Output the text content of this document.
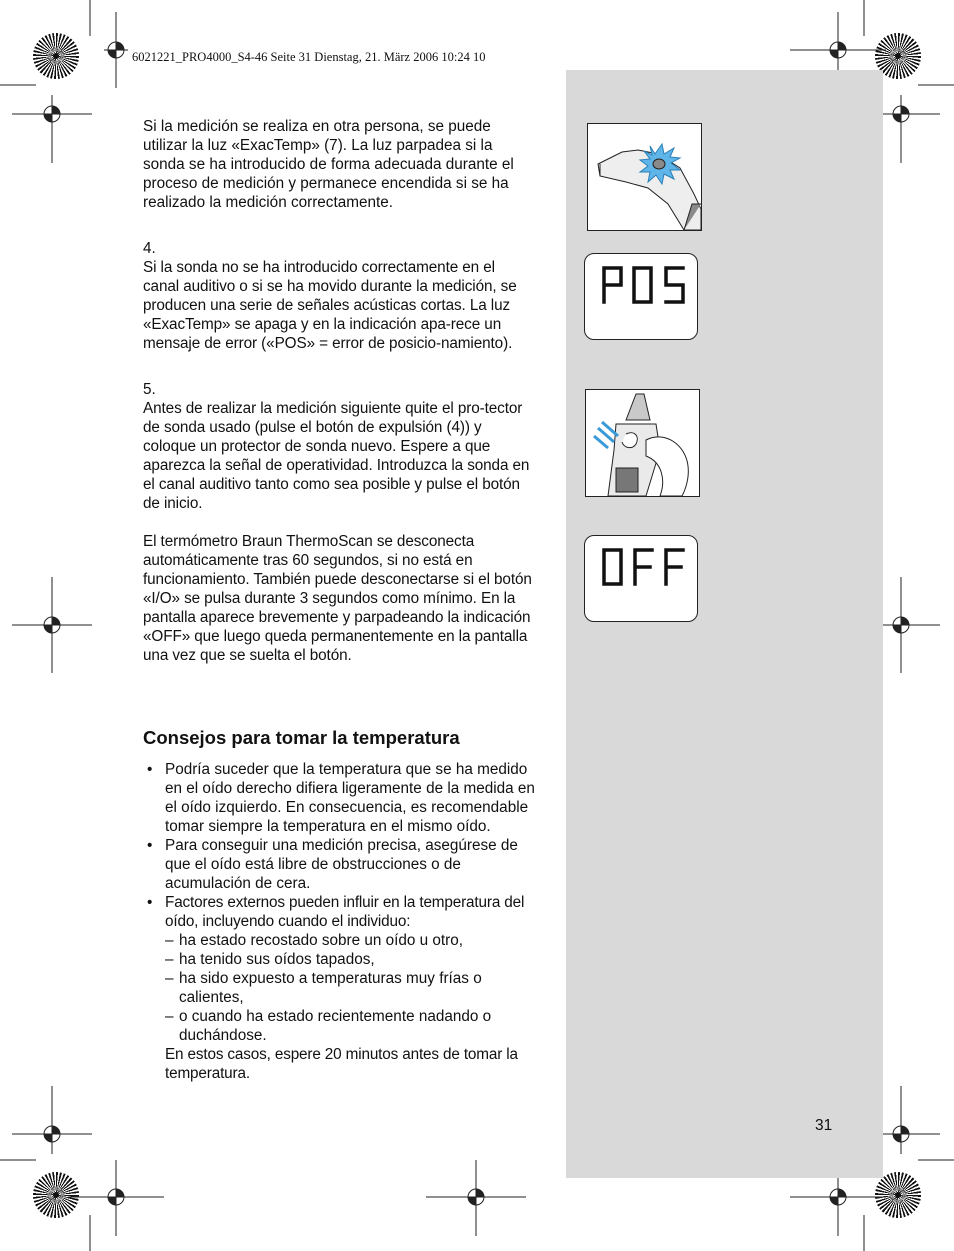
6021221_PRO4000_S4-46 Seite 31 Dienstag, 21. März 2006 10:24 10

Si la medición se realiza en otra persona, se puede utilizar la luz «ExacTemp» (7). La luz parpadea si la sonda se ha introducido de forma adecuada durante el proceso de medición y permanece encendida si se ha realizado la medición correctamente.

4.

Si la sonda no se ha introducido correctamente en el canal auditivo o si se ha movido durante la medición, se producen una serie de señales acústicas cortas. La luz «ExacTemp» se apaga y en la indicación apa-rece un mensaje de error («POS» = error de posicio-namiento).

5.

Antes de realizar la medición siguiente quite el pro-tector de sonda usado (pulse el botón de expulsión (4)) y coloque un protector de sonda nuevo. Espere a que aparezca la señal de operatividad. Introduzca la sonda en el canal auditivo tanto como sea posible y pulse el botón de inicio.

El termómetro Braun ThermoScan se desconecta automáticamente tras 60 segundos, si no está en funcionamiento. También puede desconectarse si el botón «I/O» se pulsa durante 3 segundos como mínimo. En la pantalla aparece brevemente y parpadeando la indicación «OFF» que luego queda permanentemente en la pantalla una vez que se suelta el botón.

Consejos para tomar la temperatura
• Podría suceder que la temperatura que se ha medido en el oído derecho difiera ligeramente de la medida en el oído izquierdo. En consecuencia, es recomendable tomar siempre la temperatura en el mismo oído.
• Para conseguir una medición precisa, asegúrese de que el oído está libre de obstrucciones o de acumulación de cera.
• Factores externos pueden influir en la temperatura del oído, incluyendo cuando el individuo:
– ha estado recostado sobre un oído u otro,
– ha tenido sus oídos tapados,
– ha sido expuesto a temperaturas muy frías o calientes,
– o cuando ha estado recientemente nadando o duchándose.
En estos casos, espere 20 minutos antes de tomar la temperatura.
31
